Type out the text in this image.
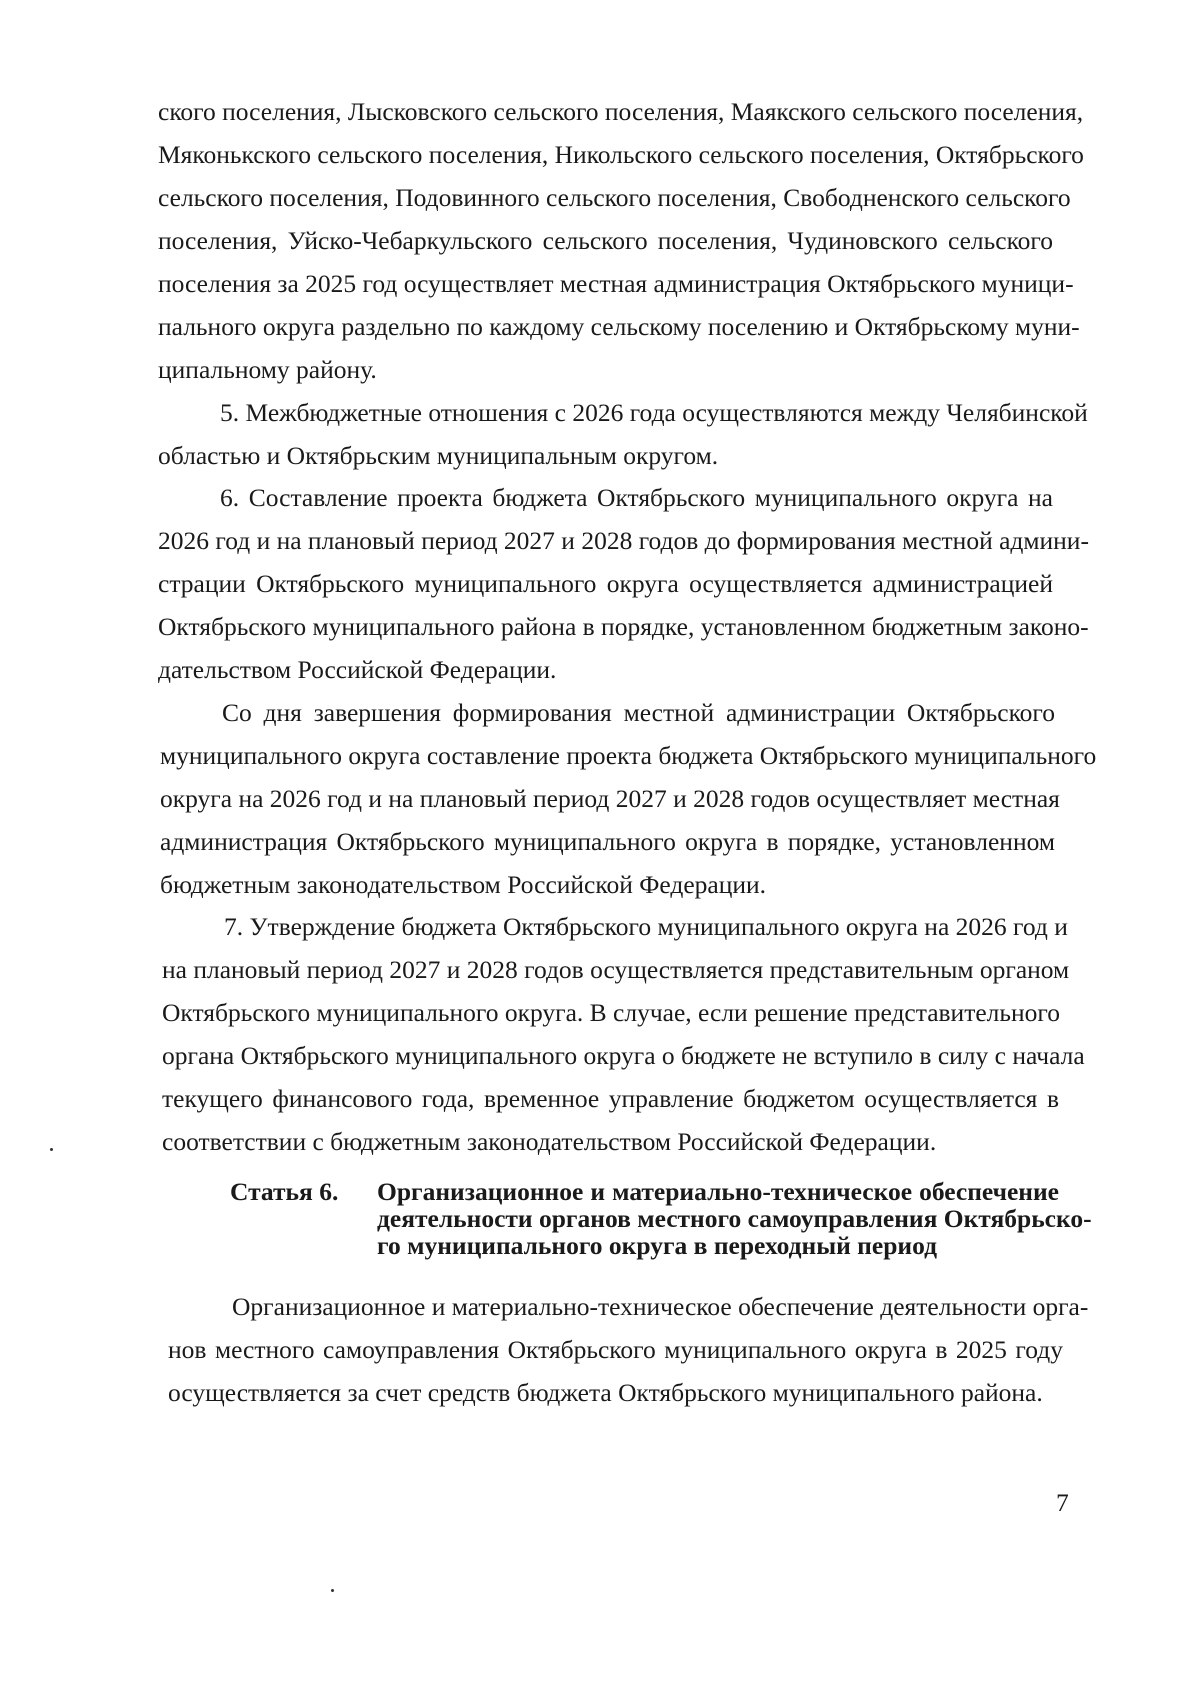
ского поселения, Лысковского сельского поселения, Маякского сельского поселения,
Мяконькского сельского поселения, Никольского сельского поселения, Октябрьского
сельского поселения, Подовинного сельского поселения, Свободненского сельского
поселения, Уйско-Чебаркульского сельского поселения, Чудиновского сельского
поселения за 2025 год осуществляет местная администрация Октябрьского муници-
пального округа раздельно по каждому сельскому поселению и Октябрьскому муни-
ципальному району.
5. Межбюджетные отношения с 2026 года осуществляются между Челябинской
областью и Октябрьским муниципальным округом.
6. Составление проекта бюджета Октябрьского муниципального округа на
2026 год и на плановый период 2027 и 2028 годов до формирования местной админи-
страции Октябрьского муниципального округа осуществляется администрацией
Октябрьского муниципального района в порядке, установленном бюджетным законо-
дательством Российской Федерации.
Со дня завершения формирования местной администрации Октябрьского
муниципального округа составление проекта бюджета Октябрьского муниципального
округа на 2026 год и на плановый период 2027 и 2028 годов осуществляет местная
администрация Октябрьского муниципального округа в порядке, установленном
бюджетным законодательством Российской Федерации.
7. Утверждение бюджета Октябрьского муниципального округа на 2026 год и
на плановый период 2027 и 2028 годов осуществляется представительным органом
Октябрьского муниципального округа. В случае, если решение представительного
органа Октябрьского муниципального округа о бюджете не вступило в силу с начала
текущего финансового года, временное управление бюджетом осуществляется в
соответствии с бюджетным законодательством Российской Федерации.
Статья 6. Организационное и материально-техническое обеспечение
деятельности органов местного самоуправления Октябрьско-
го муниципального округа в переходный период
Организационное и материально-техническое обеспечение деятельности орга-
нов местного самоуправления Октябрьского муниципального округа в 2025 году
осуществляется за счет средств бюджета Октябрьского муниципального района.
7
